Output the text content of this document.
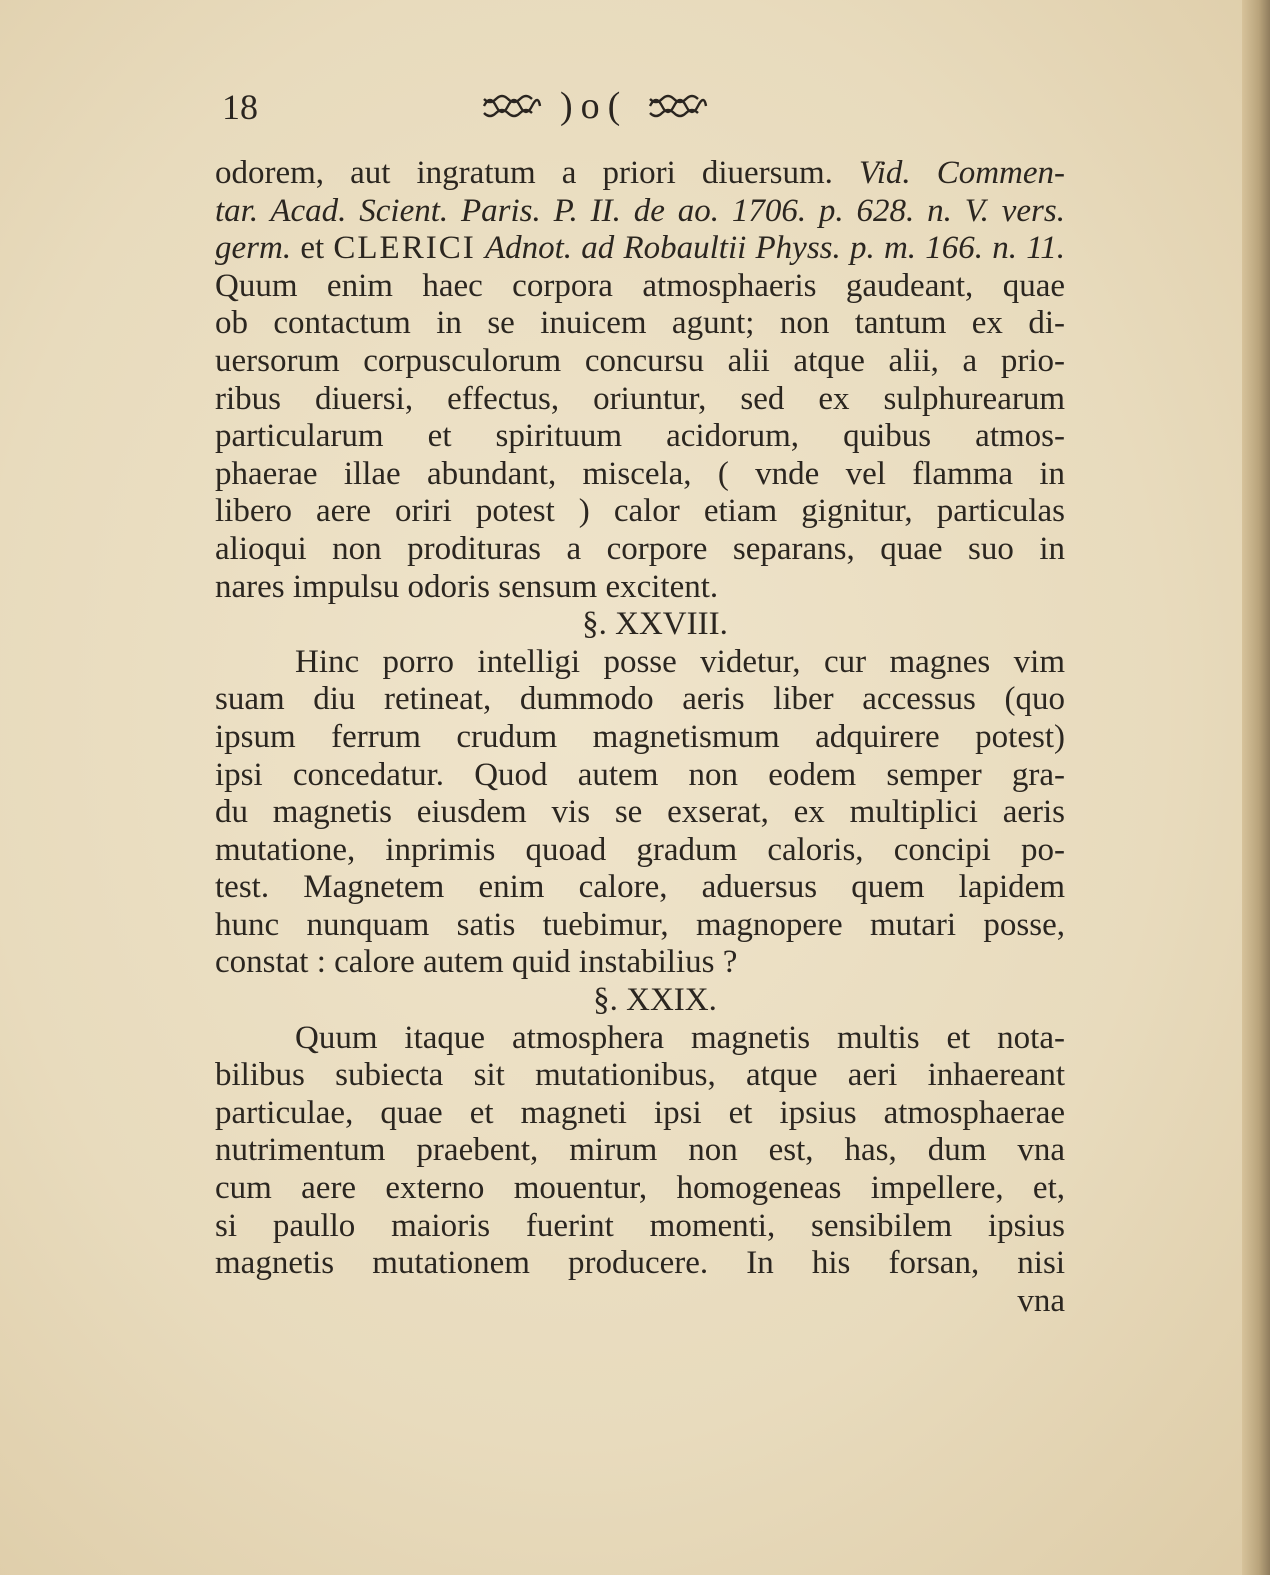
18	)o(
odorem, aut ingratum a priori diuersum. Vid. Commen-
tar. Acad. Scient. Paris. P. II. de ao. 1706. p. 628. n. V. vers.
germ. et CLERICI Adnot. ad Robaultii Physs. p. m. 166. n. 11.
Quum enim haec corpora atmosphaeris gaudeant, quae
ob contactum in se inuicem agunt; non tantum ex di-
uersorum corpusculorum concursu alii atque alii, a prio-
ribus diuersi, effectus, oriuntur, sed ex sulphurearum
particularum et spirituum acidorum, quibus atmos-
phaerae illae abundant, miscela, ( vnde vel flamma in
libero aere oriri potest ) calor etiam gignitur, particulas
alioqui non prodituras a corpore separans, quae suo in
nares impulsu odoris sensum excitent.
§. XXVIII.
Hinc porro intelligi posse videtur, cur magnes vim
suam diu retineat, dummodo aeris liber accessus (quo
ipsum ferrum crudum magnetismum adquirere potest)
ipsi concedatur. Quod autem non eodem semper gra-
du magnetis eiusdem vis se exserat, ex multiplici aeris
mutatione, inprimis quoad gradum caloris, concipi po-
test. Magnetem enim calore, aduersus quem lapidem
hunc nunquam satis tuebimur, magnopere mutari posse,
constat : calore autem quid instabilius ?
§. XXIX.
Quum itaque atmosphera magnetis multis et nota-
bilibus subiecta sit mutationibus, atque aeri inhaereant
particulae, quae et magneti ipsi et ipsius atmosphaerae
nutrimentum praebent, mirum non est, has, dum vna
cum aere externo mouentur, homogeneas impellere, et,
si paullo maioris fuerint momenti, sensibilem ipsius
magnetis mutationem producere. In his forsan, nisi
vna
